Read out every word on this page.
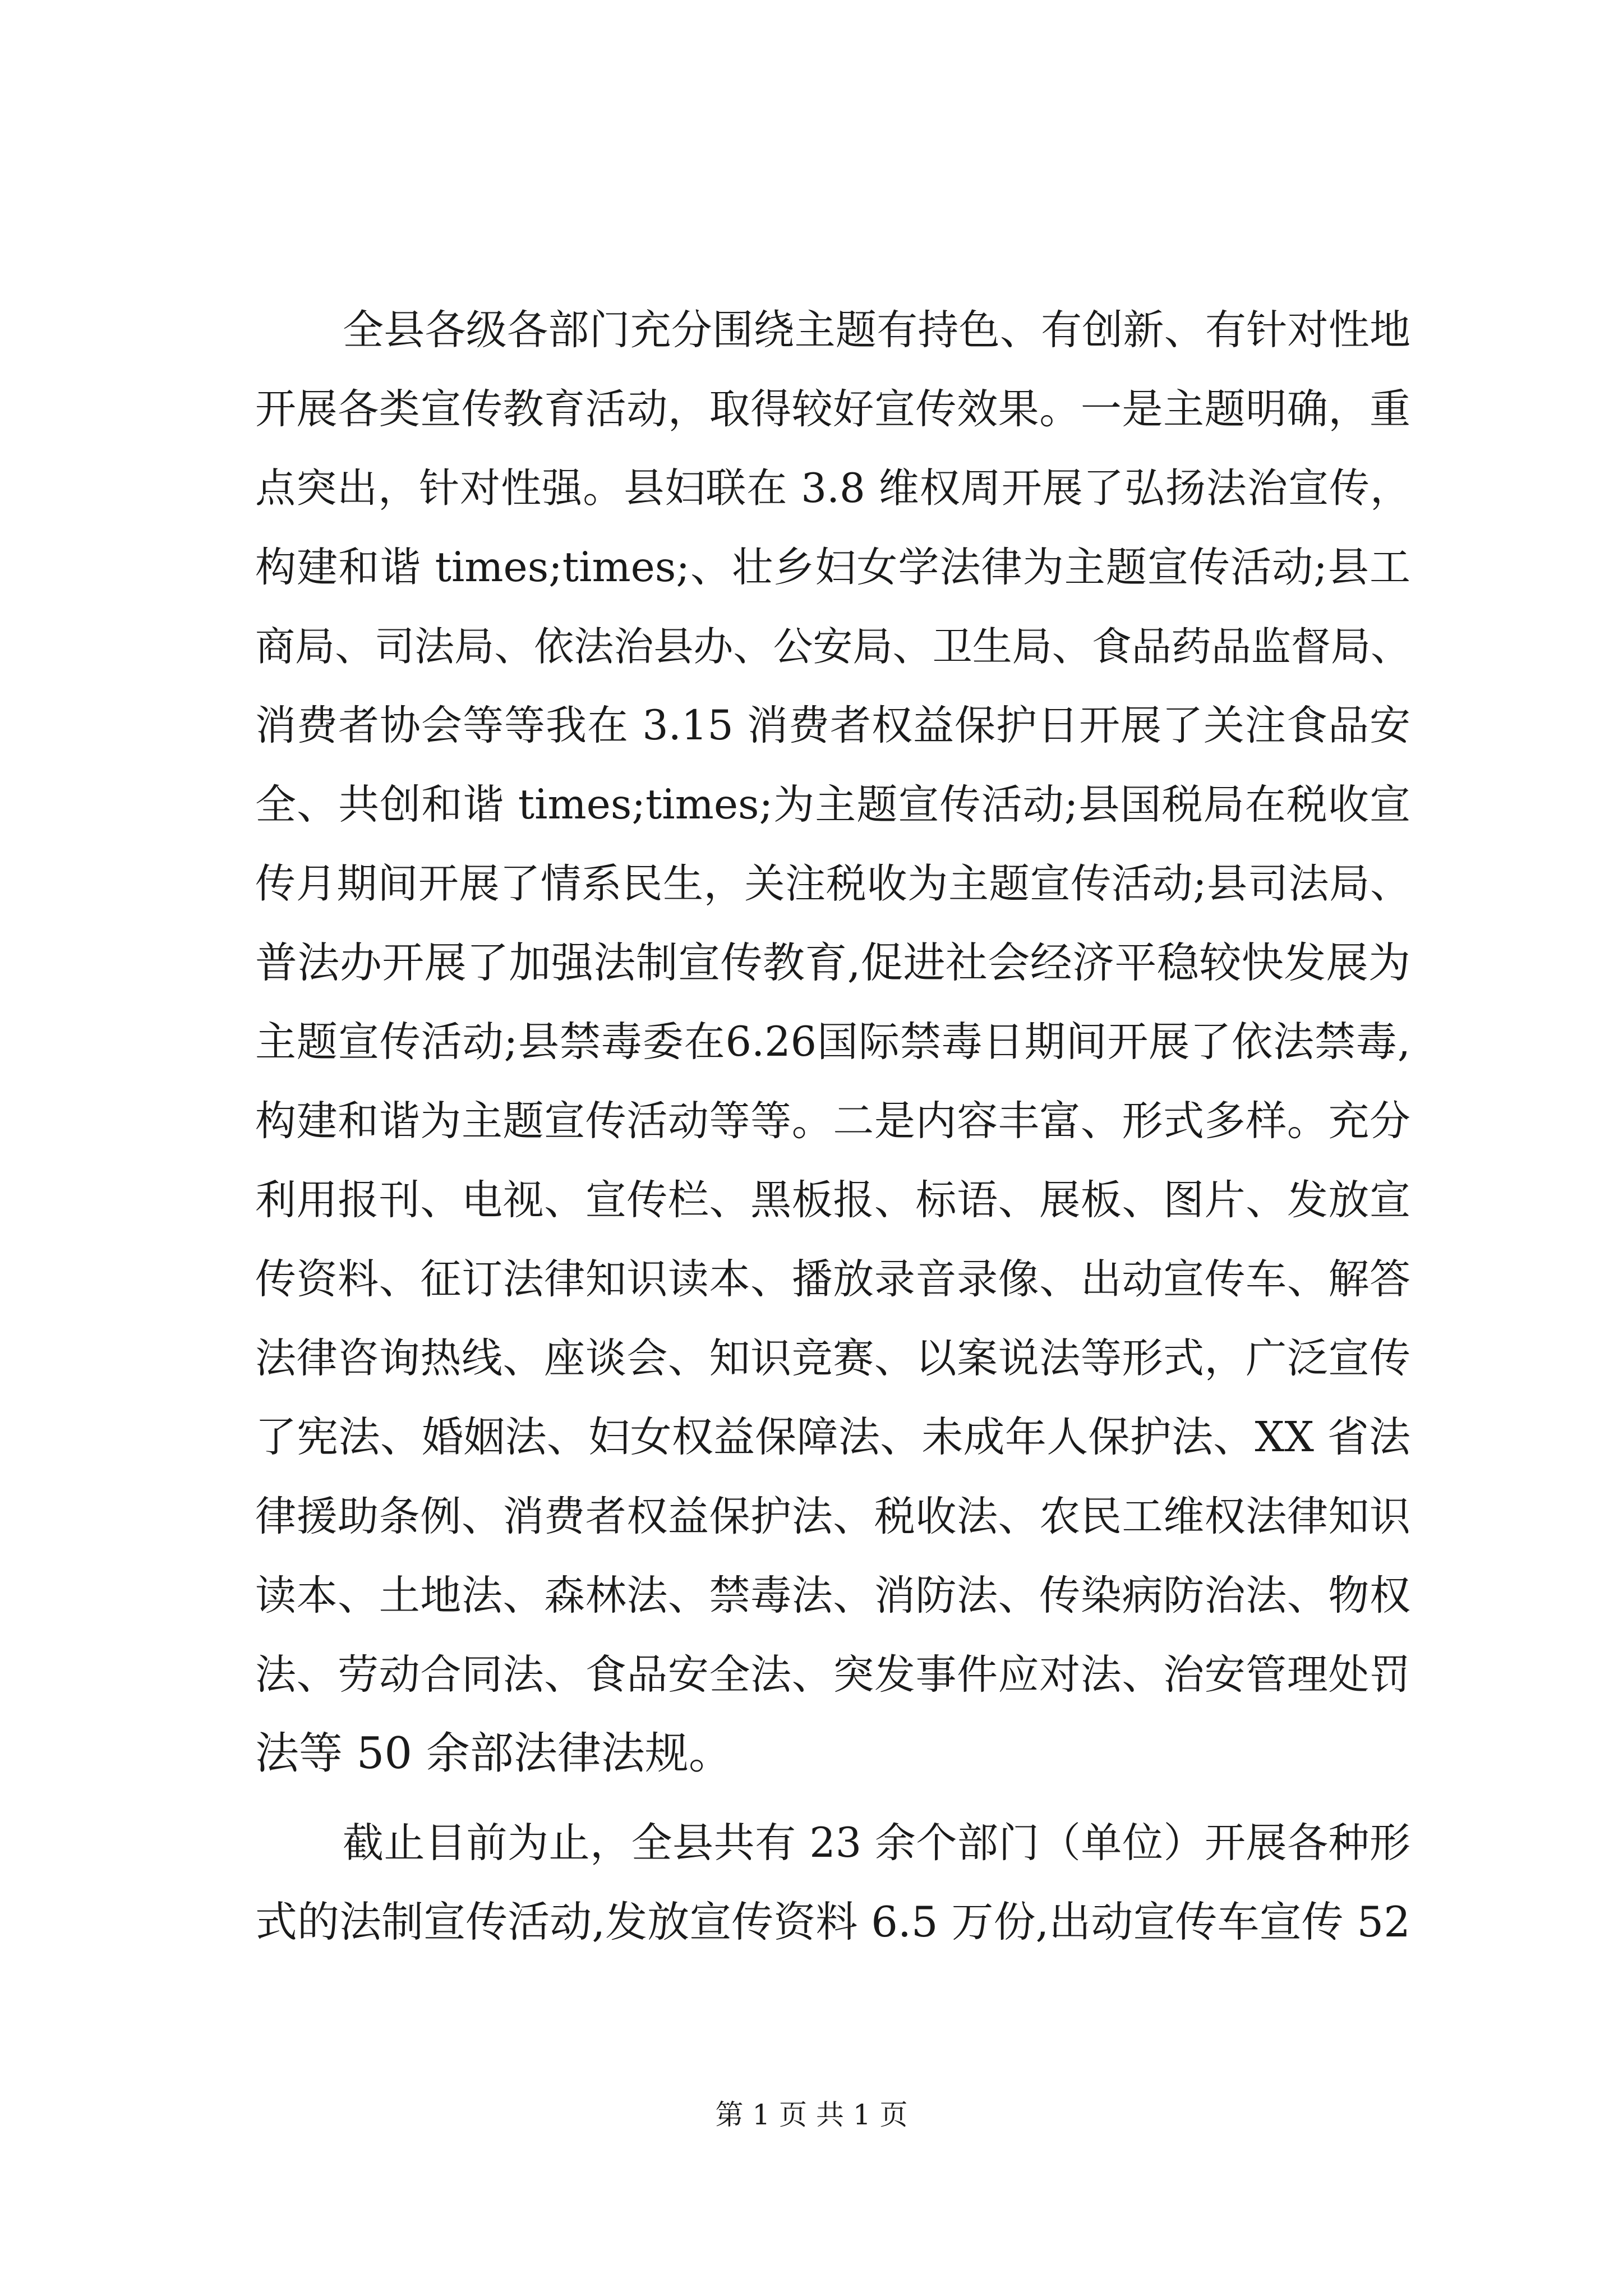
全县各级各部门充分围绕主题有持色、有创新、有针对性地
开展各类宣传教育活动，取得较好宣传效果。一是主题明确，重
点突出，针对性强。县妇联在 3.8 维权周开展了弘扬法治宣传，
构建和谐 times;times;、壮乡妇女学法律为主题宣传活动;县工
商局、司法局、依法治县办、公安局、卫生局、食品药品监督局、
消费者协会等等我在 3.15 消费者权益保护日开展了关注食品安
全、共创和谐 times;times;为主题宣传活动;县国税局在税收宣
传月期间开展了情系民生，关注税收为主题宣传活动;县司法局、
普法办开展了加强法制宣传教育,促进社会经济平稳较快发展为
主题宣传活动;县禁毒委在6.26国际禁毒日期间开展了依法禁毒,
构建和谐为主题宣传活动等等。二是内容丰富、形式多样。充分
利用报刊、电视、宣传栏、黑板报、标语、展板、图片、发放宣
传资料、征订法律知识读本、播放录音录像、出动宣传车、解答
法律咨询热线、座谈会、知识竞赛、以案说法等形式，广泛宣传
了宪法、婚姻法、妇女权益保障法、未成年人保护法、XX 省法
律援助条例、消费者权益保护法、税收法、农民工维权法律知识
读本、土地法、森林法、禁毒法、消防法、传染病防治法、物权
法、劳动合同法、食品安全法、突发事件应对法、治安管理处罚
法等 50 余部法律法规。
截止目前为止，全县共有 23 余个部门（单位）开展各种形
式的法制宣传活动,发放宣传资料 6.5 万份,出动宣传车宣传 52
第 1 页 共 1 页
